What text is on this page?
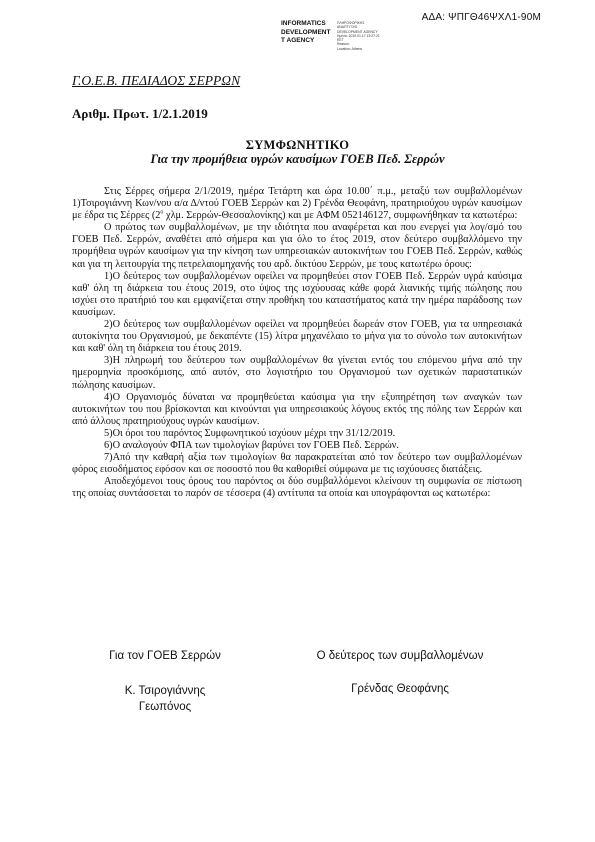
ΑΔΑ: ΨΠΓΘ46ΨΧΛ1-90Μ
INFORMATICS
DEVELOPMENT
T AGENCY
ΠΛΗΡΟΦΟΡΙΚΗΣ
ΑΝΑΠΤΥΞΗΣ
DEVELOPMENT AGENCY
Ημ/νία: 2019.01.17 13:27:21
EET
Reason:
Location: Athens
Γ.Ο.Ε.Β. ΠΕΔΙΑΔΟΣ ΣΕΡΡΩΝ
Αριθμ. Πρωτ. 1/2.1.2019
ΣΥΜΦΩΝΗΤΙΚΟ
Για την προμήθεια υγρών καυσίμων ΓΟΕΒ Πεδ. Σερρών

Στις Σέρρες σήμερα 2/1/2019, ημέρα Τετάρτη και ώρα 10.00΄ π.μ., μεταξύ των συμβαλλομένων 1)Τσιρογιάννη Κων/νου α/α Δ/ντού ΓΟΕΒ Σερρών και 2) Γρένδα Θεοφάνη, πρατηριούχου υγρών καυσίμων με έδρα τις Σέρρες ($2^o$ χλμ. Σερρών-Θεσσαλονίκης) και με ΑΦΜ 052146127, συμφωνήθηκαν τα κατωτέρω:

Ο πρώτος των συμβαλλομένων, με την ιδιότητα που αναφέρεται και που ενεργεί για λογ/σμό του ΓΟΕΒ Πεδ. Σερρών, αναθέτει από σήμερα και για όλο το έτος 2019, στον δεύτερο συμβαλλόμενο την προμήθεια υγρών καυσίμων για την κίνηση των υπηρεσιακών αυτοκινήτων του ΓΟΕΒ Πεδ. Σερρών, καθώς και για τη λειτουργία της πετρελαιομηχανής του αρδ. δικτύου Σερρών, με τους κατωτέρω όρους:

1)Ο δεύτερος των συμβαλλομένων οφείλει να προμηθεύει στον ΓΟΕΒ Πεδ. Σερρών υγρά καύσιμα καθ' όλη τη διάρκεια του έτους 2019, στο ύψος της ισχύουσας κάθε φορά λιανικής τιμής πώλησης που ισχύει στο πρατήριό του και εμφανίζεται στην προθήκη του καταστήματος κατά την ημέρα παράδοσης των καυσίμων.

2)Ο δεύτερος των συμβαλλομένων οφείλει να προμηθεύει δωρεάν στον ΓΟΕΒ, για τα υπηρεσιακά αυτοκίνητα του Οργανισμού, με δεκαπέντε (15) λίτρα μηχανέλαιο το μήνα για το σύνολο των αυτοκινήτων και καθ' όλη τη διάρκεια του έτους 2019.

3)Η πληρωμή του δεύτερου των συμβαλλομένων θα γίνεται εντός του επόμενου μήνα από την ημερομηνία προσκόμισης, από αυτόν, στο λογιστήριο του Οργανισμού των σχετικών παραστατικών πώλησης καυσίμων.

4)Ο Οργανισμός δύναται να προμηθεύεται καύσιμα για την εξυπηρέτηση των αναγκών των αυτοκινήτων του που βρίσκονται και κινούνται για υπηρεσιακούς λόγους εκτός της πόλης των Σερρών και από άλλους πρατηριούχους υγρών καυσίμων.

5)Οι όροι του παρόντος Συμφωνητικού ισχύουν μέχρι την 31/12/2019.

6)Ο αναλογούν ΦΠΑ των τιμολογίων βαρύνει τον ΓΟΕΒ Πεδ. Σερρών.

7)Από την καθαρή αξία των τιμολογίων θα παρακρατείται από τον δεύτερο των συμβαλλομένων φόρος εισοδήματος εφόσον και σε ποσοστό που θα καθοριθεί σύμφωνα με τις ισχύουσες διατάξεις.

Αποδεχόμενοι τους όρους του παρόντος οι δύο συμβαλλόμενοι κλείνουν τη συμφωνία σε πίστωση της οποίας συντάσσεται το παρόν σε τέσσερα (4) αντίτυπα τα οποία και υπογράφονται ως κατωτέρω:

Για τον ΓΟΕΒ Σερρών	Ο δεύτερος των συμβαλλομένων
Κ. Τσιρογιάννης
Γεωπόνος
Γρένδας Θεοφάνης
